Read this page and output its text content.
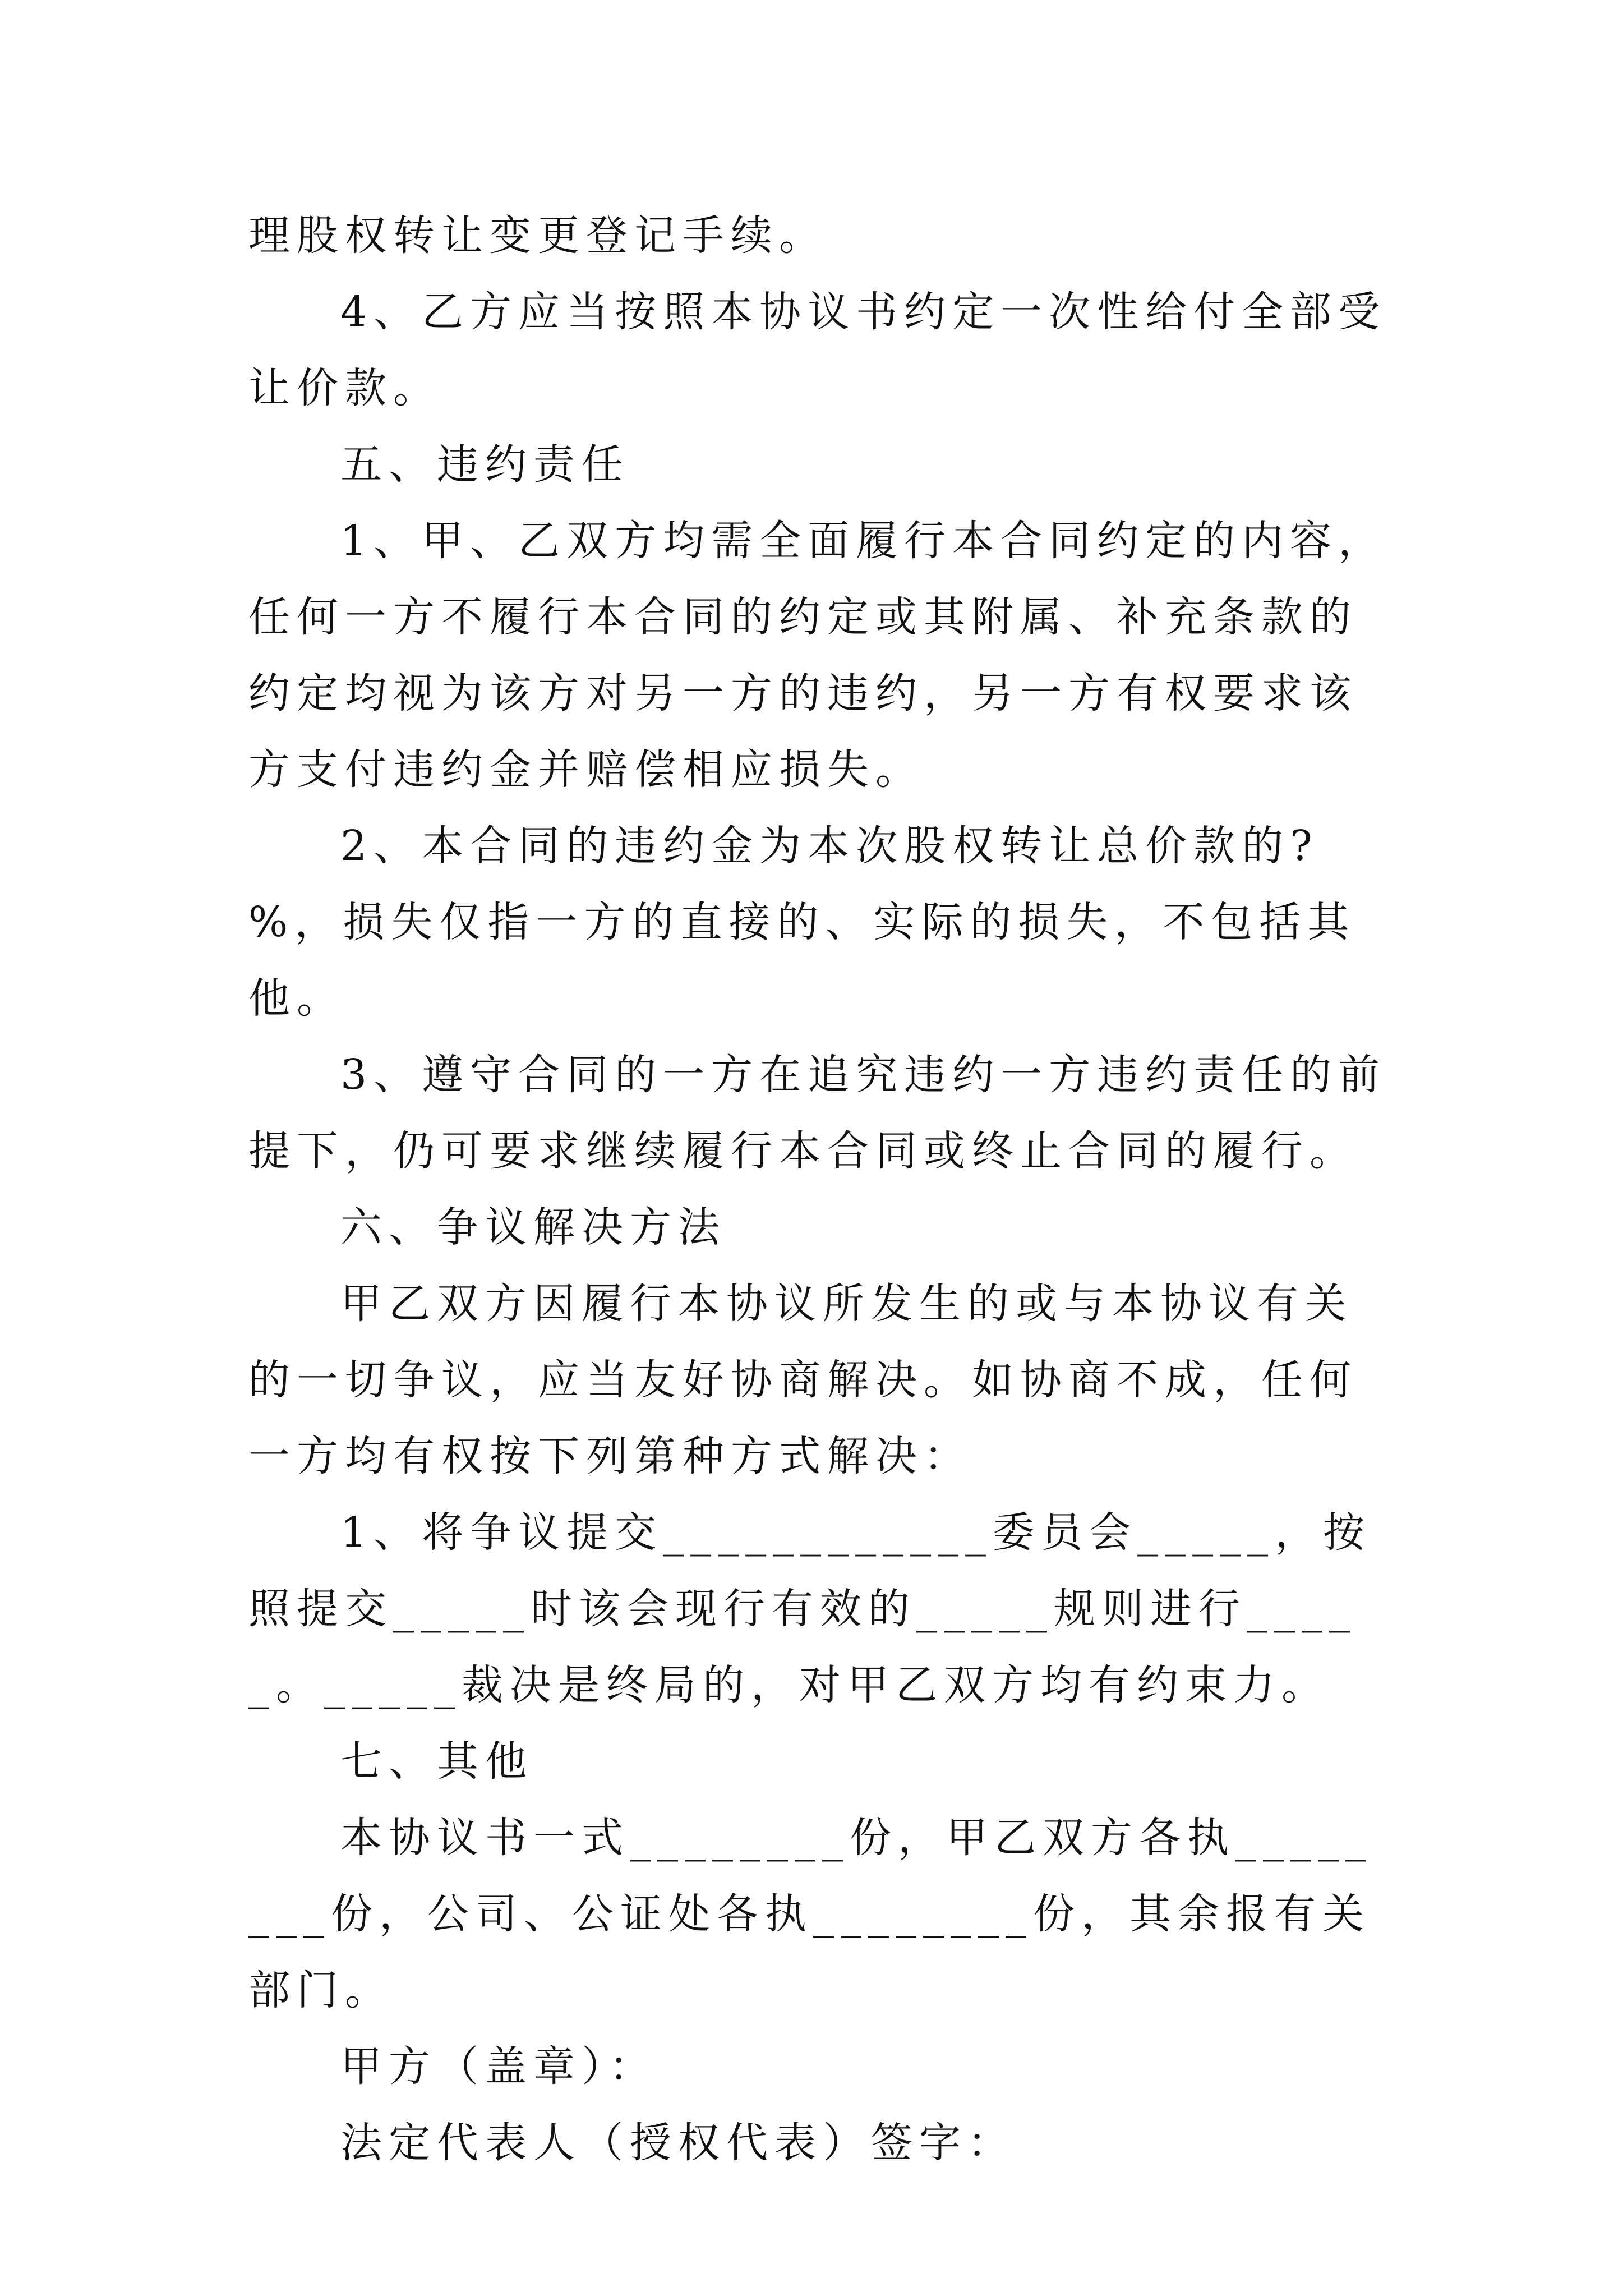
理股权转让变更登记手续。

4、乙方应当按照本协议书约定一次性给付全部受让价款。

五、违约责任

1、甲、乙双方均需全面履行本合同约定的内容，任何一方不履行本合同的约定或其附属、补充条款的约定均视为该方对另一方的违约，另一方有权要求该方支付违约金并赔偿相应损失。

2、本合同的违约金为本次股权转让总价款的?%，损失仅指一方的直接的、实际的损失，不包括其他。

3、遵守合同的一方在追究违约一方违约责任的前提下，仍可要求继续履行本合同或终止合同的履行。

六、争议解决方法

甲乙双方因履行本协议所发生的或与本协议有关的一切争议，应当友好协商解决。如协商不成，任何一方均有权按下列第种方式解决：

1、将争议提交____________委员会_____，按照提交_____时该会现行有效的_____规则进行_____。_____裁决是终局的，对甲乙双方均有约束力。

七、其他

本协议书一式________份，甲乙双方各执________份，公司、公证处各执________份，其余报有关部门。

甲方（盖章）：

法定代表人（授权代表）签字：
